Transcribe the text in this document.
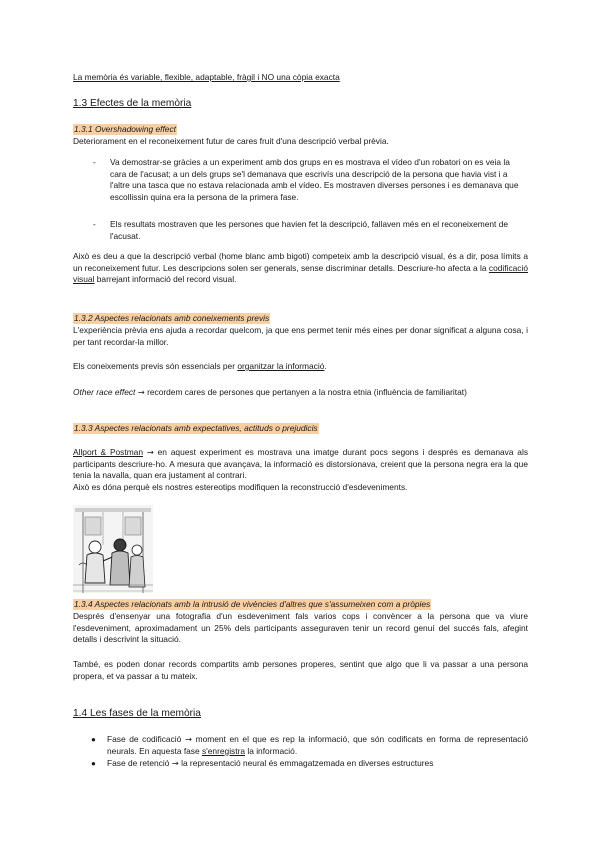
La memòria és variable, flexible, adaptable, fràgil i NO una còpia exacta
1.3 Efectes de la memòria
1.3.1 Overshadowing effect
Deteriorament en el reconeixement futur de cares fruit d'una descripció verbal prèvia.
- Va demostrar-se gràcies a un experiment amb dos grups en es mostrava el vídeo d'un robatori on es veia la cara de l'acusat; a un dels grups se'l demanava que escrivís una descripció de la persona que havia vist i a l'altre una tasca que no estava relacionada amb el vídeo. Es mostraven diverses persones i es demanava que escollissin quina era la persona de la primera fase.
- Els resultats mostraven que les persones que havien fet la descripció, fallaven més en el reconeixement de l'acusat.
Això es deu a que la descripció verbal (home blanc amb bigoti) competeix amb la descripció visual, és a dir, posa límits a un reconeixement futur. Les descripcions solen ser generals, sense discriminar detalls. Descriure-ho afecta a la codificació visual barrejant informació del record visual.
1.3.2 Aspectes relacionats amb coneixements previs
L'experiència prèvia ens ajuda a recordar quelcom, ja que ens permet tenir més eines per donar significat a alguna cosa, i per tant recordar-la millor.
Els coneixements previs són essencials per organitzar la informació.
Other race effect → recordem cares de persones que pertanyen a la nostra etnia (influència de familiaritat)
1.3.3 Aspectes relacionats amb expectatives, actituds o prejudicis
Allport & Postman → en aquest experiment es mostrava una imatge durant pocs segons i després es demanava als participants descriure-ho. A mesura que avançava, la informació es distorsionava, creient que la persona negra era la que tenia la navalla, quan era justament al contrari.
Això es dóna perquè els nostres estereotips modifiquen la reconstrucció d'esdeveniments.
1.3.4 Aspectes relacionats amb la intrusió de vivències d'altres que s'assumeixen com a pròpies
Després d'ensenyar una fotografia d'un esdeveniment fals varios cops i convèncer a la persona que va viure l'esdeveniment, aproximadament un 25% dels participants asseguraven tenir un record genuí del succés fals, afegint detalls i descrivint la situació.
També, es poden donar records compartits amb persones properes, sentint que algo que li va passar a una persona propera, et va passar a tu mateix.
1.4 Les fases de la memòria
● Fase de codificació → moment en el que es rep la informació, que són codificats en forma de representació neurals. En aquesta fase s'enregistra la informació.
● Fase de retenció → la representació neural és emmagatzemada en diverses estructures
